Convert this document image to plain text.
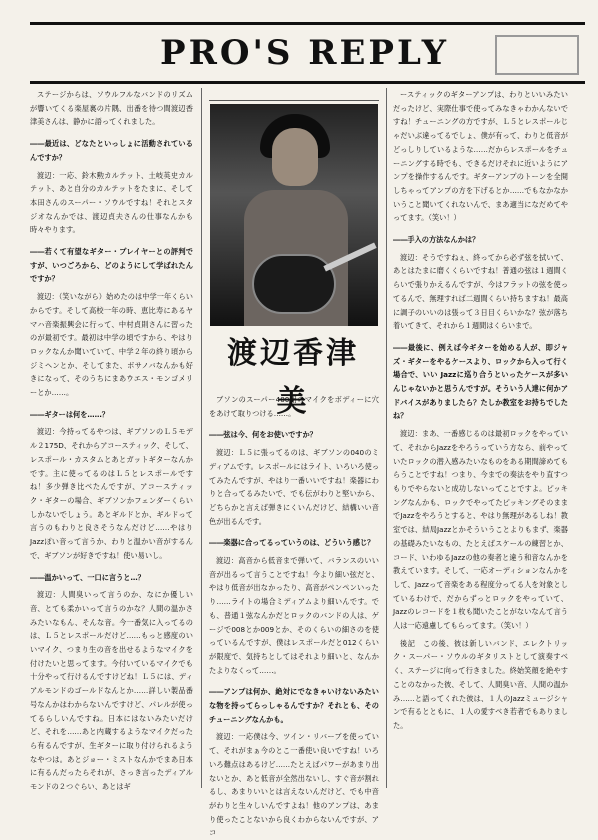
PRO'S REPLY

ステージからは、ソウルフルなバンドのリズムが響いてくる楽屋裏の片隅、出番を待つ間渡辺香津美さんは、静かに語ってくれました。

――最近は、どなたといっしょに活動されているんですか？

渡辺：一応、鈴木勲カルテット、土岐英史カルテット、あと自分のカルテットをたまに、そして本田さんのスーパー・ソウルですね！それとスタジオなんかでは、渡辺貞夫さんの仕事なんかも時々やります。

――若くて有望なギター・プレイヤーとの評判ですが、いつごろから、どのようにして学ばれたんですか？

渡辺：（笑いながら）始めたのは中学一年くらいからです。そして高校一年の時、恵比寿にあるヤマハ音楽振興会に行って、中村貞則さんに習ったのが最初です。最初は中学の頃ですから、やはりロックなんか聞いていて、中学２年の終り頃からジミヘンとか、そしてまた、ボサノバなんかも好きになって、そのうちにまあウエス・モンゴメリーとか……。

――ギターは何を……？

渡辺：今持ってるやつは、ギブソンのＬ５モデル２175D、それからアコースティック、そして、レスポール・カスタムとあとガットギターなんかです。主に使ってるのはＬ５とレスポールですね！多少弾き比べたんですが、アコースティック・ギターの場合、ギブソンかフェンダーくらいしかないでしょう。あとギルドとか、ギルドって言うのもわりと良さそうなんだけど……やはりJazzぽい音って言うか、わりと温かい音がするんで、ギブソンが好きですね！使い易いし。

――温かいって、一口に言うと…？

渡辺：人間臭いって言うのか、なにか優しい音、とても柔かいって言うのかな？人間の温かさみたいなもん、そんな音。今一番気に入ってるのは、Ｌ５とレスポールだけど……もっと感度のいいマイク、つまり生の音を出せるようなマイクを付けたいと思ってます。今付いているマイクでも十分やって行けるんですけどね！Ｌ５には、ディアルモンドのゴールドなんとか……詳しい製品番号なんかはわからないんですけど、パレルが使ってるらしいんですね。日本にはないみたいだけど、それを……あと内蔵するようなマイクだったら有るんですが、生ギターに取り付けられるようなやつは。あとジョー・ミストなんかでまあ日本に有るんだったらそれが、さっき言ったディアルモンドの２つぐらい、あとはギ

渡辺香津美

ブソンのスーパー400用のマイクをボディーに穴をあけて取りつける……。

――弦は今、何をお使いですか？

渡辺：Ｌ５に張ってるのは、ギブソンの040のミディアムです。レスポールにはライト、いろいろ使ってみたんですが、やはり一番いいですね！楽器にわりと合ってるみたいで、でも伝がわりと堅いから、どちらかと言えば弾きにくいんだけど、結構いい音色が出るんです。

――楽器に合ってるっていうのは、どういう感じ？

渡辺：高音から低音まで弾いて、バランスのいい音が出るって言うことですね！今より細い弦だと、やはり低音が出なかったり、高音がペンペンいったり……ライトの場合ミディアムより細いんです。でも、普通１弦なんかだとロックのバンドの人は、ゲージで008とか009とか、そのくらいの細さのを使っているんですが、僕はレスポールだと012くらいが限度で、気持ちとしてはそれより細いと、なんかたよりなくって……。

――アンプは何か、絶対にでなきゃいけないみたいな物を持ってらっしゃるんですか？それとも、そのチューニングなんかも。

渡辺：一応僕は今、ツイン・リバーブを使っていて、それがまぁ今のとこ一番使い良いですね！いろいろ難点はあるけど……たとえばパワーがあまり出ないとか、あと低音が全然出ないし、すぐ音が割れるし、あまりいいとは言えないんだけど、でも中音がわりと生々しいんですよね！他のアンプは、あまり使ったことないから良くわからないんですが、アコ

ースティックのギターアンプは、わりといいみたいだったけど、実際仕事で使ってみなきゃわかんないですね！チューニングの方ですが、Ｌ５とレスポールじゃだいぶ違ってるでしょ、僕が有って、わりと低音がどっしりしているような……だからレスポールをチューニングする時でも、できるだけそれに近いようにアンプを操作するんです。ギターアンプのトーンを全開しちゃってアンプの方を下げるとか……でもなかなかいうこと聞いてくれないんで、まあ適当になだめてやってます。（笑い！）

――手入の方法なんかは？

渡辺：そうですねぇ、終ってから必ず弦を拭いて、あとはたまに磨くくらいですね！普通の弦は１週間くらいで張りかえるんですが、今はフラットの弦を使ってるんで、無理すれば二週間くらい持ちますね！最高に調子のいいのは張って３日目くらいかな？弦が落ち着いてきて、それから１週間はくらいまで。

――最後に、例えば今ギターを始める人が、即ジャズ・ギターをやるケースより、ロックから入って行く場合で、いい Jazzに巡り合うといったケースが多いんじゃないかと思うんですが。そういう人達に何かアドバイスがありましたら？たしか教室をお持ちでしたね？

渡辺：まあ、一番感じるのは最初ロックをやっていて、それからJazzをやろうっていう方なら、前やっていたロックの潜入感みたいなものをある期間諦めてもらうことですね！つまり、今までの奏法をやり直すつもりでやらないと成功しないってことですよ。ピッキングなんかも、ロックでやってたピッキングそのままでJazzをやろうとすると、やはり無理があるしね！教室では、結局Jazzとかそういうことよりもまず、楽器の基礎みたいなもの、たとえばスケールの練習とか、コード、いわゆるJazzの他の奏者と違う和音なんかを教えています。そして、一応オーディションなんかをして、Jazzって音楽をある程度分ってる人を対象としているわけで、だからずっとロックをやっていて、Jazzのレコードを１枚も聞いたことがないなんて言う人は一応遠慮してもらってます。（笑い！）

後記　この後、彼は新しいバンド、エレクトリック・スーパー・ソウルのギタリストとして演奏すべく、ステージに向って行きました。終始笑顔を絶やすことのなかった彼、そして、人間臭い音、人間の温かみ……と語ってくれた彼は、１人のJazzミュージシャンで有るとともに、１人の愛すべき若者でもありました。
